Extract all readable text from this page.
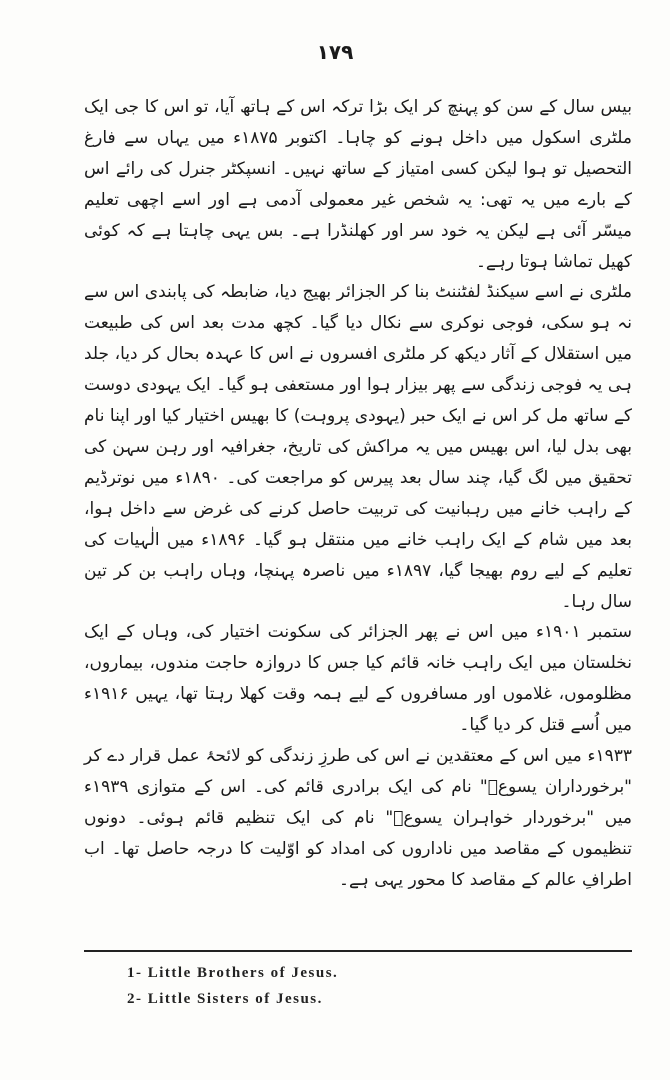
۱۷۹

بیس سال کے سن کو پہنچ کر ایک بڑا ترکہ اس کے ہاتھ آیا، تو اس کا جی ایک ملٹری اسکول میں داخل ہونے کو چاہا۔ اکتوبر ۱۸۷۵ء میں یہاں سے فارغ التحصیل تو ہوا لیکن کسی امتیاز کے ساتھ نہیں۔ انسپکٹر جنرل کی رائے اس کے بارے میں یہ تھی: یہ شخص غیر معمولی آدمی ہے اور اسے اچھی تعلیم میسّر آئی ہے لیکن یہ خود سر اور کھلنڈرا ہے۔ بس یہی چاہتا ہے کہ کوئی کھیل تماشا ہوتا رہے۔

ملٹری نے اسے سیکنڈ لفٹننٹ بنا کر الجزائر بھیج دیا، ضابطہ کی پابندی اس سے نہ ہو سکی، فوجی نوکری سے نکال دیا گیا۔ کچھ مدت بعد اس کی طبیعت میں استقلال کے آثار دیکھ کر ملٹری افسروں نے اس کا عہدہ بحال کر دیا، جلد ہی یہ فوجی زندگی سے پھر بیزار ہوا اور مستعفی ہو گیا۔ ایک یہودی دوست کے ساتھ مل کر اس نے ایک حبر (یہودی پروہت) کا بھیس اختیار کیا اور اپنا نام بھی بدل لیا، اس بھیس میں یہ مراکش کی تاریخ، جغرافیہ اور رہن سہن کی تحقیق میں لگ گیا، چند سال بعد پیرس کو مراجعت کی۔ ۱۸۹۰ء میں نوترڈیم کے راہب خانے میں رہبانیت کی تربیت حاصل کرنے کی غرض سے داخل ہوا، بعد میں شام کے ایک راہب خانے میں منتقل ہو گیا۔ ۱۸۹۶ء میں الٰہیات کی تعلیم کے لیے روم بھیجا گیا، ۱۸۹۷ء میں ناصرہ پہنچا، وہاں راہب بن کر تین سال رہا۔

ستمبر ۱۹۰۱ء میں اس نے پھر الجزائر کی سکونت اختیار کی، وہاں کے ایک نخلستان میں ایک راہب خانہ قائم کیا جس کا دروازہ حاجت مندوں، بیماروں، مظلوموں، غلاموں اور مسافروں کے لیے ہمہ وقت کھلا رہتا تھا، یہیں ۱۹۱۶ء میں اُسے قتل کر دیا گیا۔

۱۹۳۳ء میں اس کے معتقدین نے اس کی طرزِ زندگی کو لائحۂ عمل قرار دے کر "برخورداران یسوعؑ" نام کی ایک برادری قائم کی۔ اس کے متوازی ۱۹۳۹ء میں "برخوردار خواہران یسوعؑ" نام کی ایک تنظیم قائم ہوئی۔ دونوں تنظیموں کے مقاصد میں ناداروں کی امداد کو اوّلیت کا درجہ حاصل تھا۔ اب اطرافِ عالم کے مقاصد کا محور یہی ہے۔

1- Little Brothers of Jesus.
2- Little Sisters of Jesus.
